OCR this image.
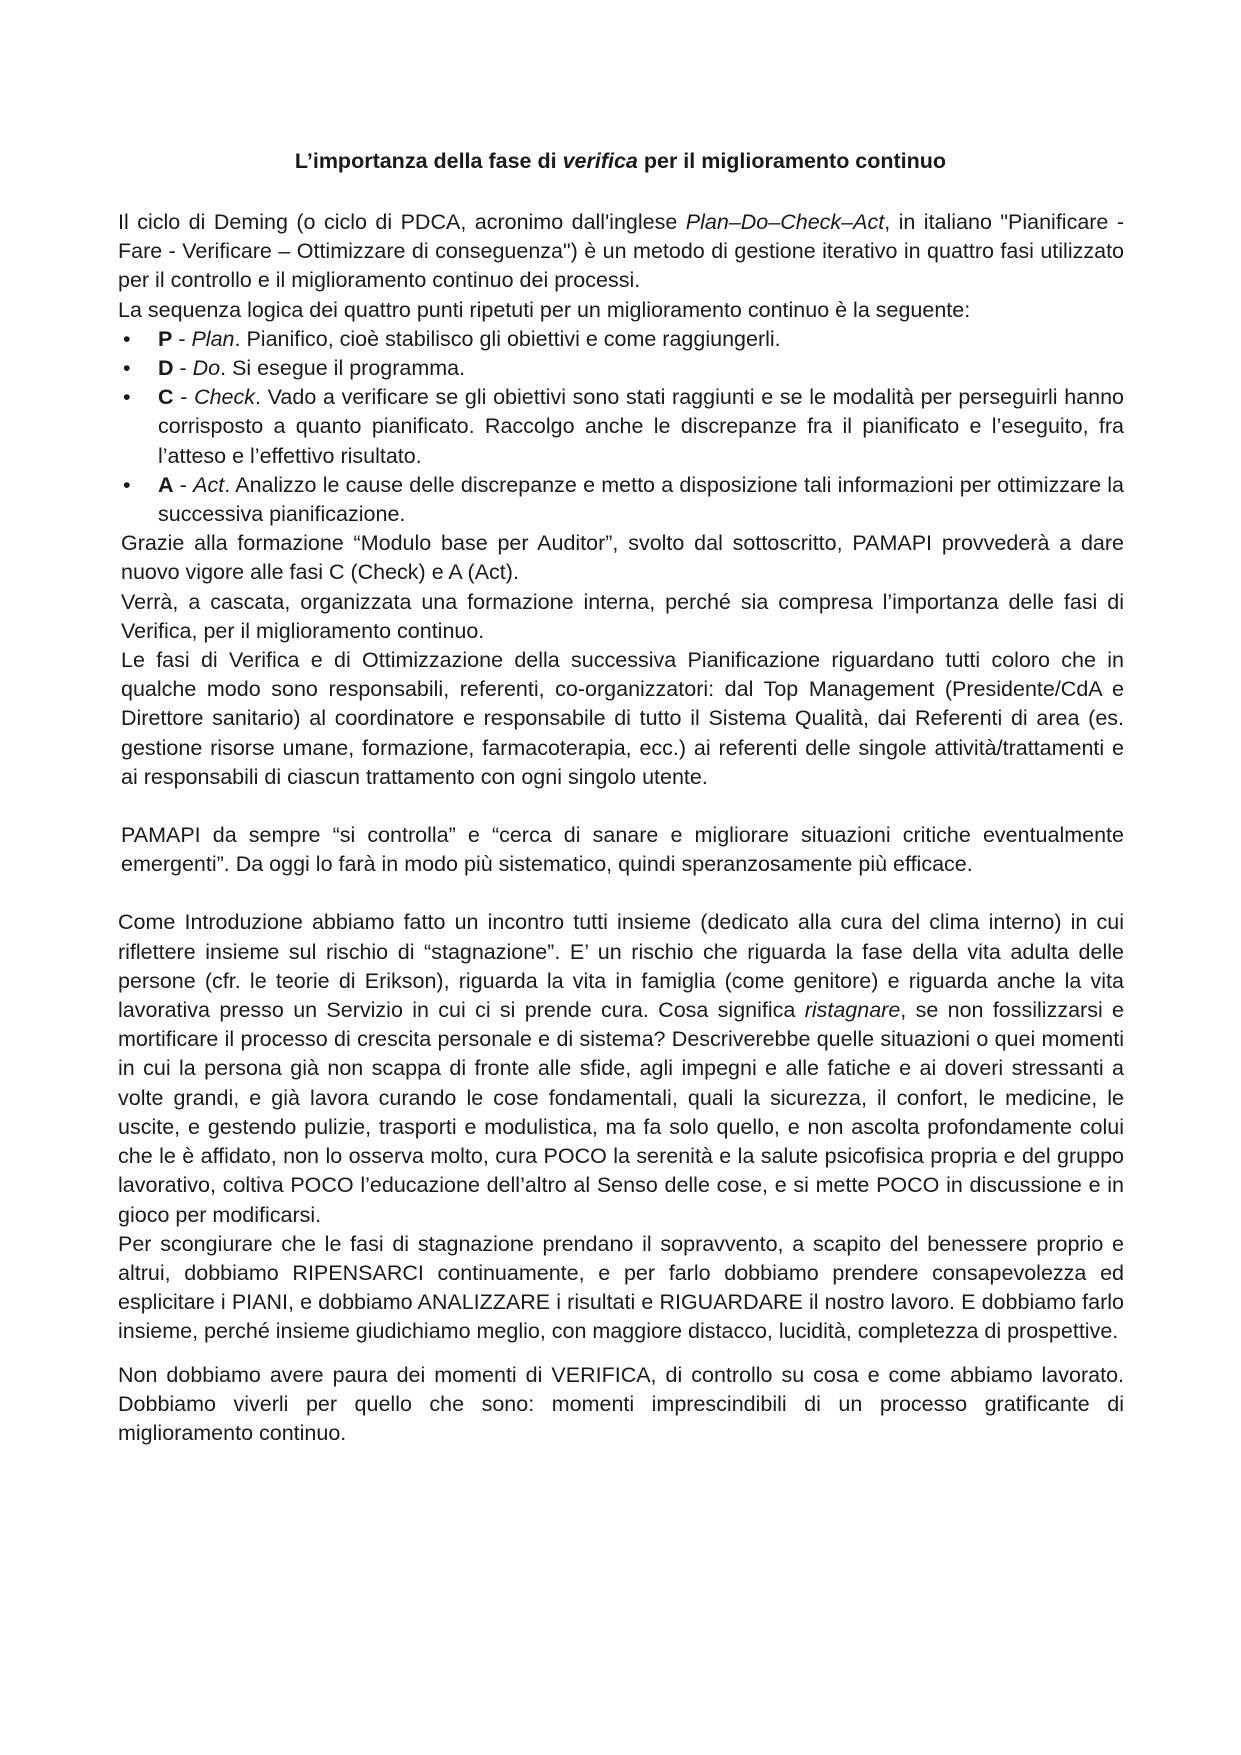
L’importanza della fase di verifica per il miglioramento continuo

Il ciclo di Deming (o ciclo di PDCA, acronimo dall'inglese Plan–Do–Check–Act, in italiano "Pianificare - Fare - Verificare – Ottimizzare di conseguenza") è un metodo di gestione iterativo in quattro fasi utilizzato per il controllo e il miglioramento continuo dei processi.

La sequenza logica dei quattro punti ripetuti per un miglioramento continuo è la seguente:

• P - Plan. Pianifico, cioè stabilisco gli obiettivi e come raggiungerli.
• D - Do. Si esegue il programma.
• C - Check. Vado a verificare se gli obiettivi sono stati raggiunti e se le modalità per perseguirli hanno corrisposto a quanto pianificato. Raccolgo anche le discrepanze fra il pianificato e l’eseguito, fra l’atteso e l’effettivo risultato.
• A - Act. Analizzo le cause delle discrepanze e metto a disposizione tali informazioni per ottimizzare la successiva pianificazione.

Grazie alla formazione “Modulo base per Auditor”, svolto dal sottoscritto, PAMAPI provvederà a dare nuovo vigore alle fasi C (Check) e A (Act).

Verrà, a cascata, organizzata una formazione interna, perché sia compresa l’importanza delle fasi di Verifica, per il miglioramento continuo.

Le fasi di Verifica e di Ottimizzazione della successiva Pianificazione riguardano tutti coloro che in qualche modo sono responsabili, referenti, co-organizzatori: dal Top Management (Presidente/CdA e Direttore sanitario) al coordinatore e responsabile di tutto il Sistema Qualità, dai Referenti di area (es. gestione risorse umane, formazione, farmacoterapia, ecc.) ai referenti delle singole attività/trattamenti e ai responsabili di ciascun trattamento con ogni singolo utente.

PAMAPI da sempre “si controlla” e “cerca di sanare e migliorare situazioni critiche eventualmente emergenti”. Da oggi lo farà in modo più sistematico, quindi speranzosamente più efficace.

Come Introduzione abbiamo fatto un incontro tutti insieme (dedicato alla cura del clima interno) in cui riflettere insieme sul rischio di “stagnazione”. E’ un rischio che riguarda la fase della vita adulta delle persone (cfr. le teorie di Erikson), riguarda la vita in famiglia (come genitore) e riguarda anche la vita lavorativa presso un Servizio in cui ci si prende cura. Cosa significa ristagnare, se non fossilizzarsi e mortificare il processo di crescita personale e di sistema? Descriverebbe quelle situazioni o quei momenti in cui la persona già non scappa di fronte alle sfide, agli impegni e alle fatiche e ai doveri stressanti a volte grandi, e già lavora curando le cose fondamentali, quali la sicurezza, il confort, le medicine, le uscite, e gestendo pulizie, trasporti e modulistica, ma fa solo quello, e non ascolta profondamente colui che le è affidato, non lo osserva molto, cura POCO la serenità e la salute psicofisica propria e del gruppo lavorativo, coltiva POCO l’educazione dell’altro al Senso delle cose, e si mette POCO in discussione e in gioco per modificarsi.

Per scongiurare che le fasi di stagnazione prendano il sopravvento, a scapito del benessere proprio e altrui, dobbiamo RIPENSARCI continuamente, e per farlo dobbiamo prendere consapevolezza ed esplicitare i PIANI, e dobbiamo ANALIZZARE i risultati e RIGUARDARE il nostro lavoro. E dobbiamo farlo insieme, perché insieme giudichiamo meglio, con maggiore distacco, lucidità, completezza di prospettive.

Non dobbiamo avere paura dei momenti di VERIFICA, di controllo su cosa e come abbiamo lavorato. Dobbiamo viverli per quello che sono: momenti imprescindibili di un processo gratificante di miglioramento continuo.
